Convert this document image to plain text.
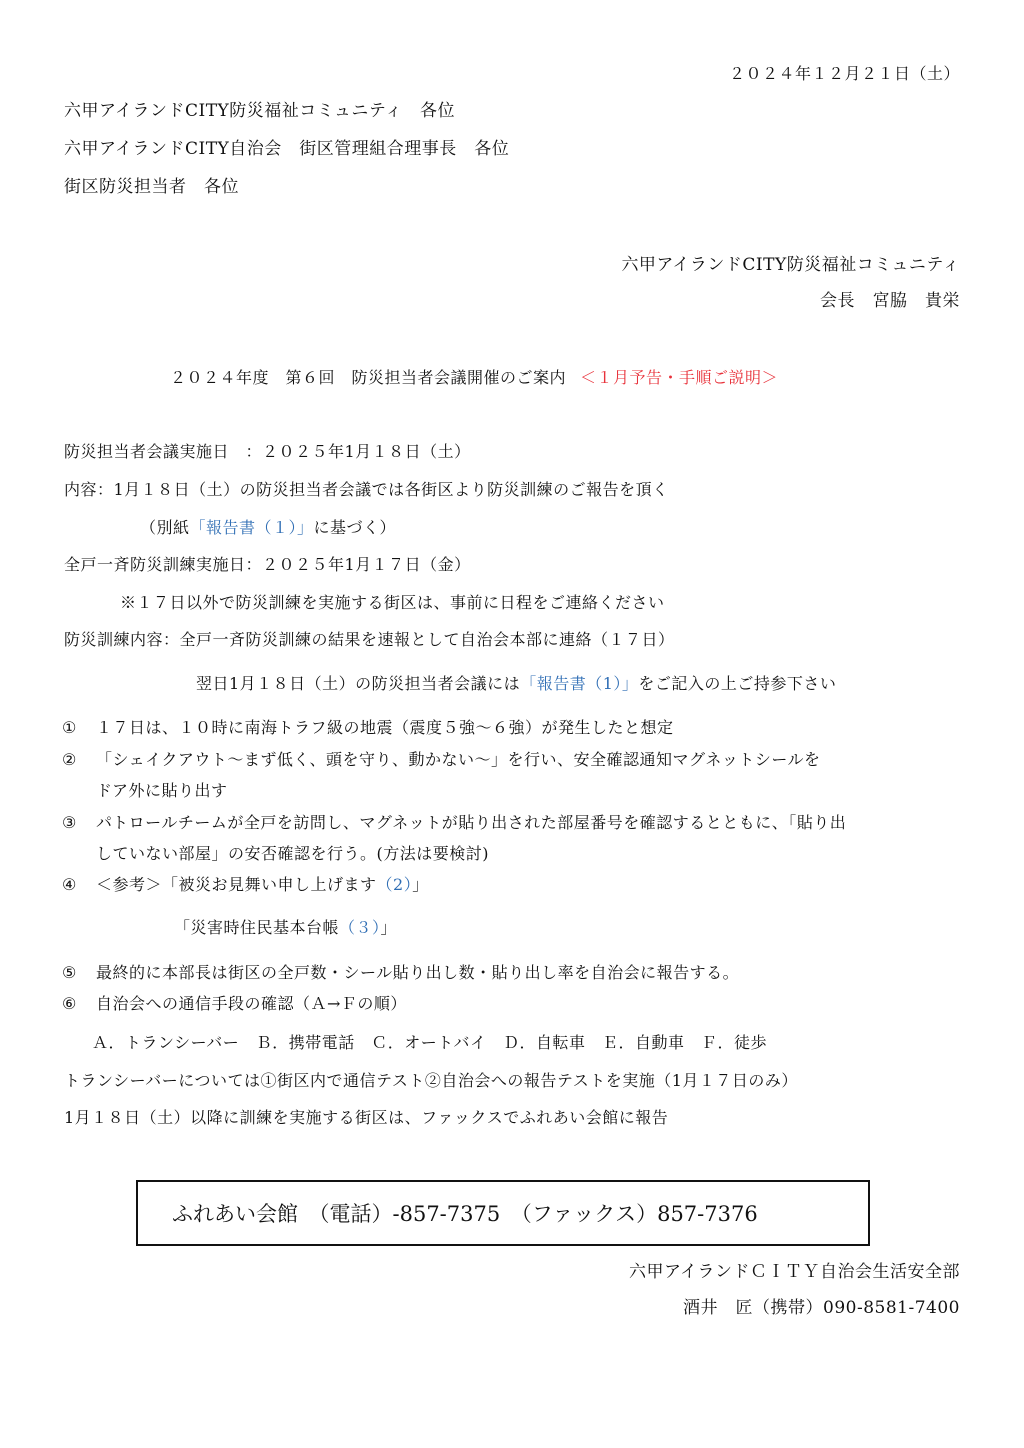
２０２４年１２月２１日（土）
六甲アイランドCITY防災福祉コミュニティ　各位
六甲アイランドCITY自治会　街区管理組合理事長　各位
街区防災担当者　各位
六甲アイランドCITY防災福祉コミュニティ
会長　宮脇　貴栄
２０２４年度　第６回　防災担当者会議開催のご案内 ＜１月予告・手順ご説明＞
防災担当者会議実施日　：２０２５年1月１８日（土）
内容：1月１８日（土）の防災担当者会議では各街区より防災訓練のご報告を頂く
（別紙「報告書（１）」に基づく）
全戸一斉防災訓練実施日：２０２５年1月１７日（金）
※１７日以外で防災訓練を実施する街区は、事前に日程をご連絡ください
防災訓練内容：全戸一斉防災訓練の結果を速報として自治会本部に連絡（１７日）
翌日1月１８日（土）の防災担当者会議には「報告書（1）」をご記入の上ご持参下さい
① １７日は、１０時に南海トラフ級の地震（震度５強～６強）が発生したと想定
② 「シェイクアウト～まず低く、頭を守り、動かない～」を行い、安全確認通知マグネットシールを
ドア外に貼り出す
③ パトロールチームが全戸を訪問し、マグネットが貼り出された部屋番号を確認するとともに、「貼り出
していない部屋」の安否確認を行う。(方法は要検討)
④ ＜参考＞「被災お見舞い申し上げます（2）」
「災害時住民基本台帳（３）」
⑤ 最終的に本部長は街区の全戸数・シール貼り出し数・貼り出し率を自治会に報告する。
⑥ 自治会への通信手段の確認（Ａ→Ｆの順）
Ａ．トランシーバー　Ｂ．携帯電話　Ｃ．オートバイ　Ｄ．自転車　Ｅ．自動車　Ｆ．徒歩
トランシーバーについては①街区内で通信テスト②自治会への報告テストを実施（1月１７日のみ）
1月１８日（土）以降に訓練を実施する街区は、ファックスでふれあい会館に報告
ふれあい会館　（電話）-857-7375　（ファックス）857-7376
六甲アイランドＣＩＴＹ自治会生活安全部
酒井　匠（携帯）090-8581-7400
